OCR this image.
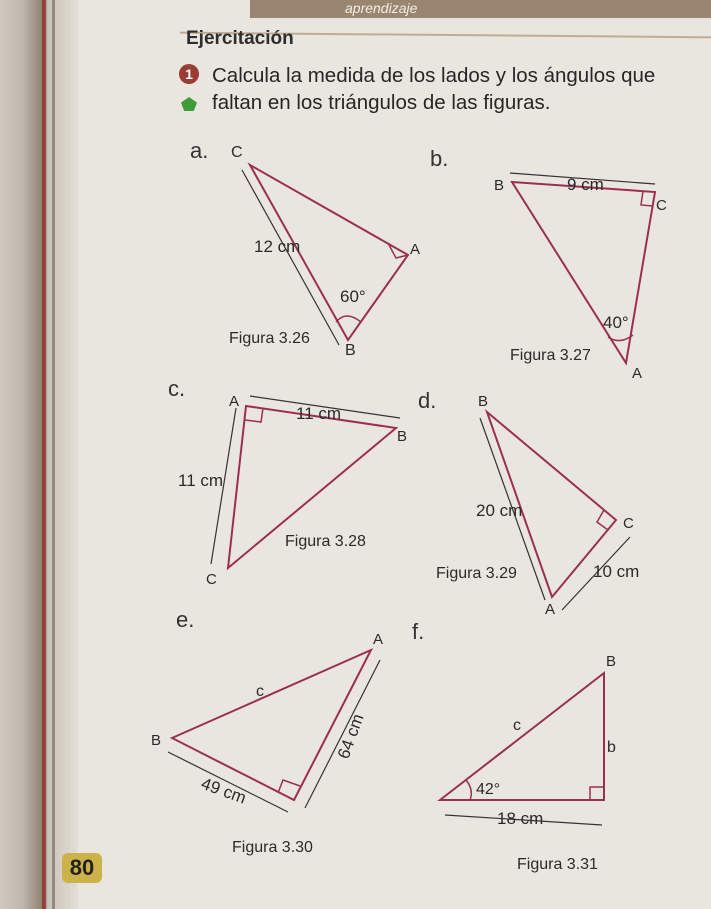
aprendizaje
Ejercitación
1 Calcula la medida de los lados y los ángulos que faltan en los triángulos de las figuras.
a.	b.
c.	d.
e.	f.
C
A
B
12 cm
60°
Figura 3.26
B
C
A
9 cm
40°
Figura 3.27
A
B
C
11 cm
11 cm
Figura 3.28
B
C
A
20 cm
10 cm
Figura 3.29
A
B
c
64 cm
49 cm
Figura 3.30
B
c
b
42°
18 cm
Figura 3.31
80
